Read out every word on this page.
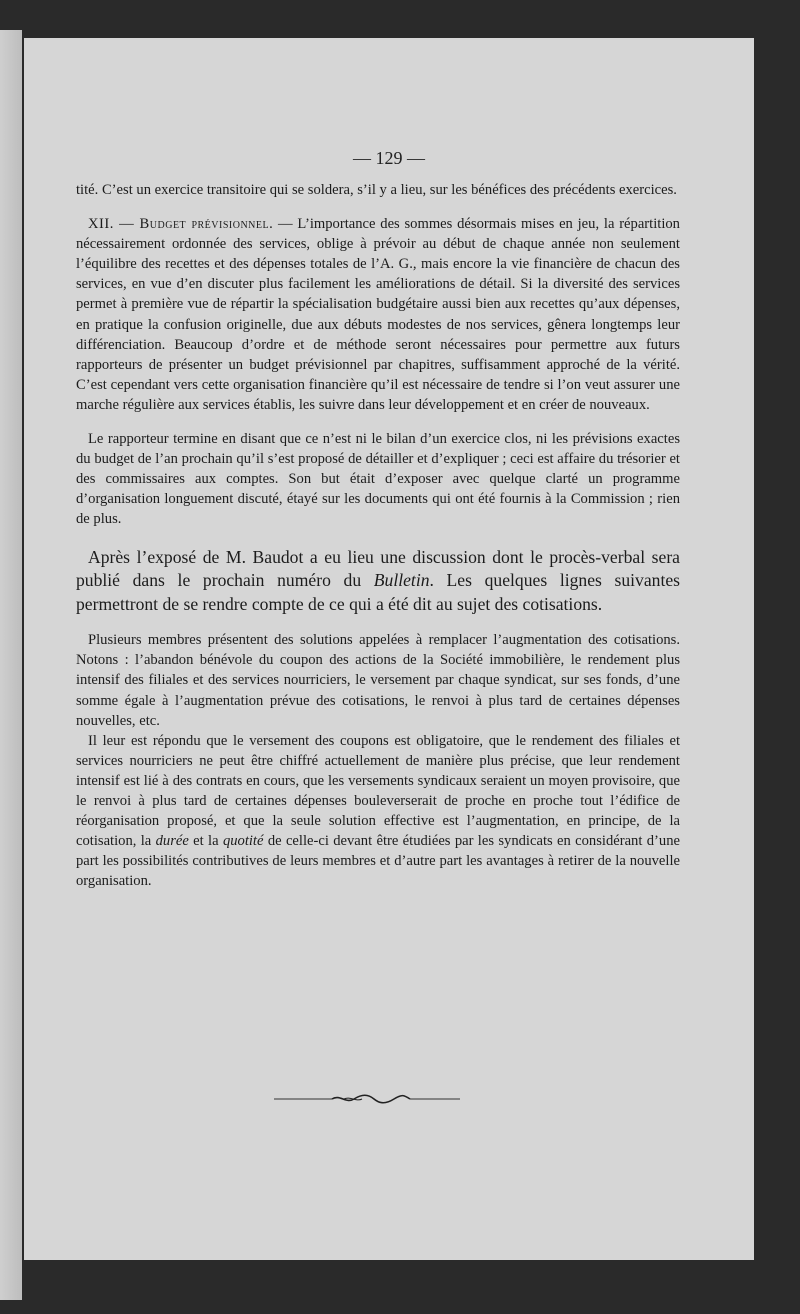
— 129 —

tité. C’est un exercice transitoire qui se soldera, s’il y a lieu, sur les bénéfices des précédents exercices.

XII. — Budget prévisionnel. — L’importance des sommes désormais mises en jeu, la répartition nécessairement ordonnée des services, oblige à prévoir au début de chaque année non seulement l’équilibre des recettes et des dépenses totales de l’A. G., mais encore la vie financière de chacun des services, en vue d’en discuter plus facilement les améliorations de détail. Si la diversité des services permet à première vue de répartir la spécialisation budgétaire aussi bien aux recettes qu’aux dépenses, en pratique la confusion originelle, due aux débuts modestes de nos services, gênera longtemps leur différenciation. Beaucoup d’ordre et de méthode seront nécessaires pour permettre aux futurs rapporteurs de présenter un budget prévisionnel par chapitres, suffisamment approché de la vérité. C’est cependant vers cette organisation financière qu’il est nécessaire de tendre si l’on veut assurer une marche régulière aux services établis, les suivre dans leur développement et en créer de nouveaux.

Le rapporteur termine en disant que ce n’est ni le bilan d’un exercice clos, ni les prévisions exactes du budget de l’an prochain qu’il s’est proposé de détailler et d’expliquer ; ceci est affaire du trésorier et des commissaires aux comptes. Son but était d’exposer avec quelque clarté un programme d’organisation longuement discuté, étayé sur les documents qui ont été fournis à la Commission ; rien de plus.

Après l’exposé de M. Baudot a eu lieu une discussion dont le procès-verbal sera publié dans le prochain numéro du Bulletin. Les quelques lignes suivantes permettront de se rendre compte de ce qui a été dit au sujet des cotisations.

Plusieurs membres présentent des solutions appelées à remplacer l’augmentation des cotisations. Notons : l’abandon bénévole du coupon des actions de la Société immobilière, le rendement plus intensif des filiales et des services nourriciers, le versement par chaque syndicat, sur ses fonds, d’une somme égale à l’augmentation prévue des cotisations, le renvoi à plus tard de certaines dépenses nouvelles, etc.

Il leur est répondu que le versement des coupons est obligatoire, que le rendement des filiales et services nourriciers ne peut être chiffré actuellement de manière plus précise, que leur rendement intensif est lié à des contrats en cours, que les versements syndicaux seraient un moyen provisoire, que le renvoi à plus tard de certaines dépenses bouleverserait de proche en proche tout l’édifice de réorganisation proposé, et que la seule solution effective est l’augmentation, en principe, de la cotisation, la durée et la quotité de celle-ci devant être étudiées par les syndicats en considérant d’une part les possibilités contributives de leurs membres et d’autre part les avantages à retirer de la nouvelle organisation.
